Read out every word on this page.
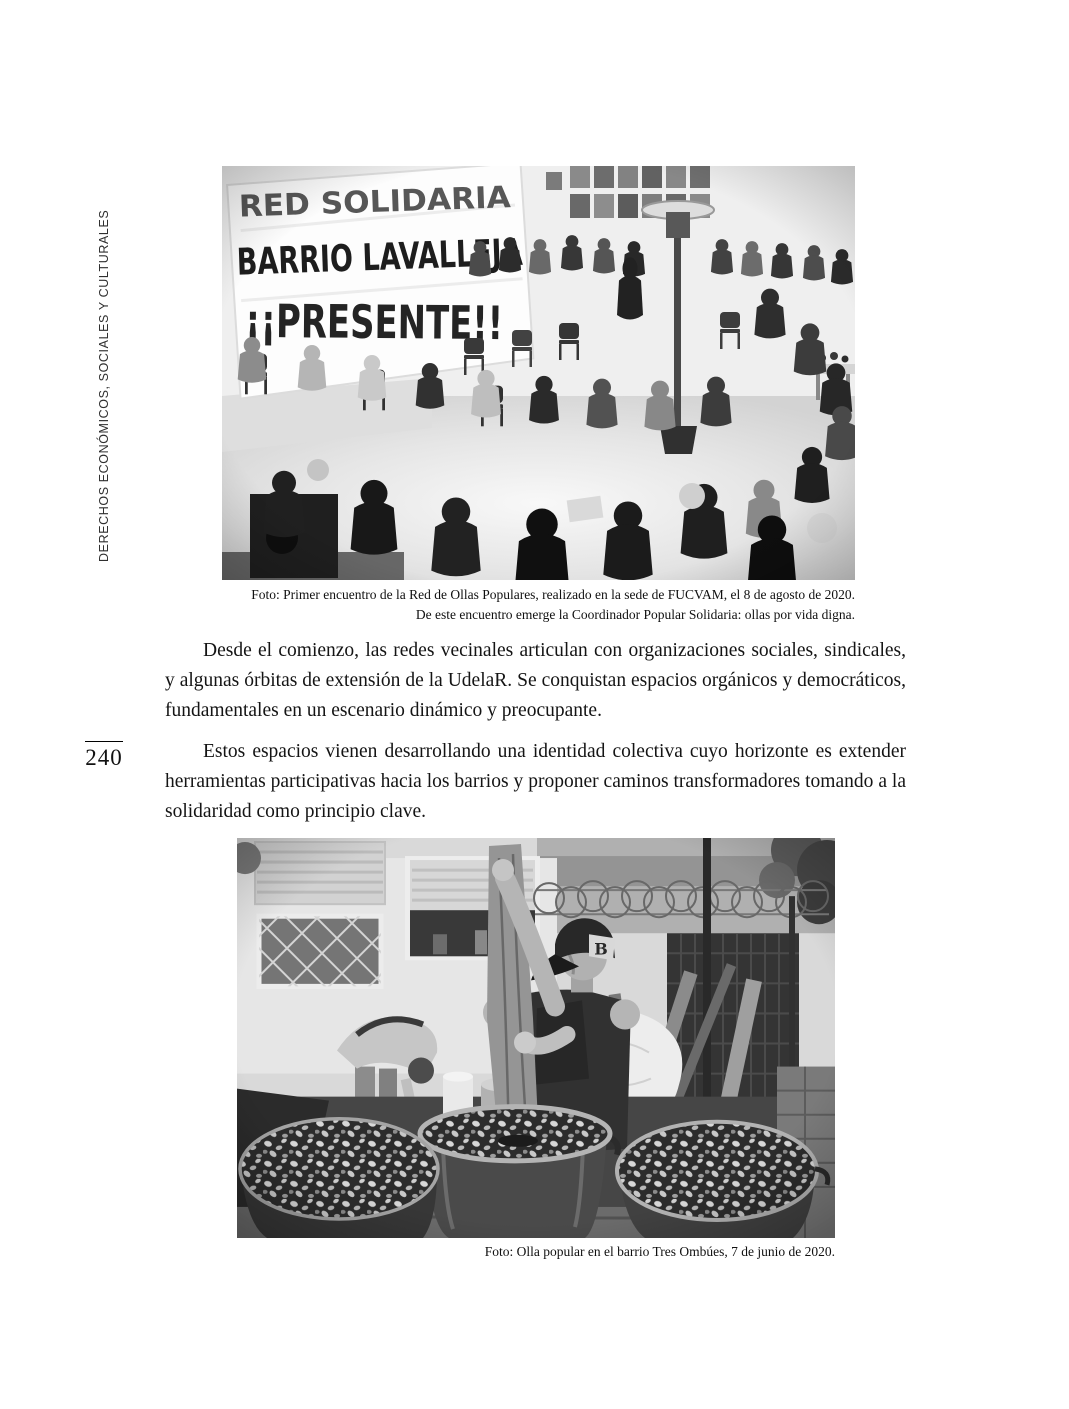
DERECHOS ECONÓMICOS, SOCIALES Y CULTURALES
240
Foto: Primer encuentro de la Red de Ollas Populares, realizado en la sede de FUCVAM, el 8 de agosto de 2020.
De este encuentro emerge la Coordinador Popular Solidaria: ollas por vida digna.

Desde el comienzo, las redes vecinales articulan con organizaciones sociales, sindicales, y algunas órbitas de extensión de la UdelaR. Se conquistan espacios orgánicos y democráticos, fundamentales en un escenario dinámico y preocupante.

Estos espacios vienen desarrollando una identidad colectiva cuyo horizonte es extender herramientas participativas hacia los barrios y proponer caminos transformadores tomando a la solidaridad como principio clave.

Foto: Olla popular en el barrio Tres Ombúes, 7 de junio de 2020.
